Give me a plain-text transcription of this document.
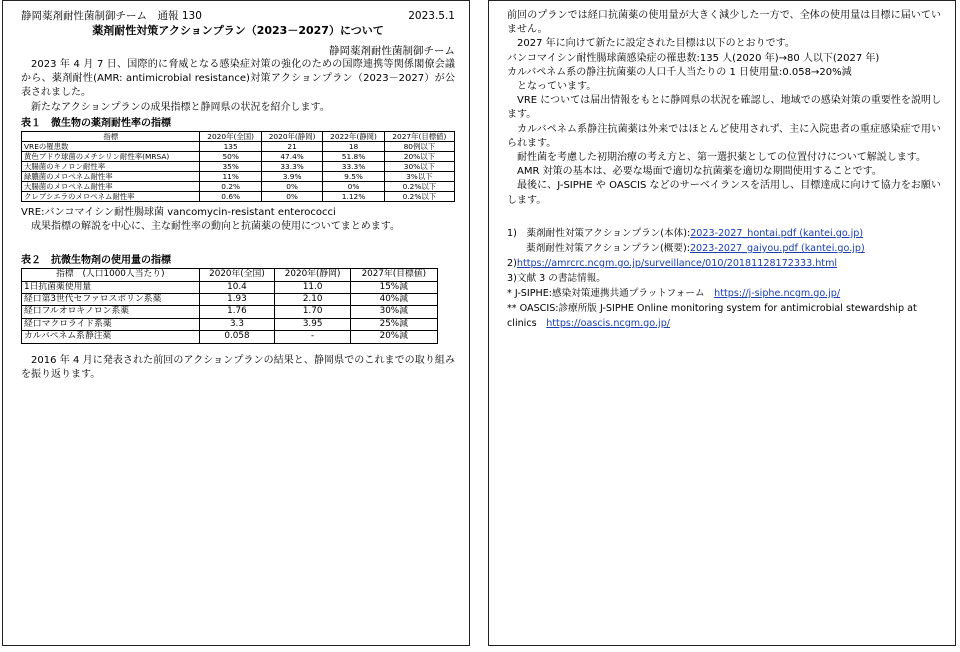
静岡薬剤耐性菌制御チーム　通報 130	2023.5.1
薬剤耐性対策アクションプラン（2023－2027）について
静岡薬剤耐性菌制御チーム

2023 年 4 月 7 日、国際的に脅威となる感染症対策の強化のための国際連携等関係閣僚会議から、薬剤耐性(AMR: antimicrobial resistance)対策アクションプラン（2023－2027）が公表されました。

新たなアクションプランの成果指標と静岡県の状況を紹介します。

表１　微生物の薬剤耐性率の指標
指標	2020年(全国)	2020年(静岡)	2022年(静岡)	2027年(目標値)
VREの罹患数	135	21	18	80例以下
黄色ブドウ球菌のメチシリン耐性率(MRSA)	50%	47.4%	51.8%	20%以下
大腸菌のキノロン耐性率	35%	33.3%	33.3%	30%以下
緑膿菌のメロペネム耐性率	11%	3.9%	9.5%	3%以下
大腸菌のメロペネム耐性率	0.2%	0%	0%	0.2%以下
クレブシエラのメロペネム耐性率	0.6%	0%	1.12%	0.2%以下

VRE:バンコマイシン耐性腸球菌 vancomycin-resistant enterococci

成果指標の解説を中心に、主な耐性率の動向と抗菌薬の使用についてまとめます。

表２　抗微生物剤の使用量の指標
指標　(人口1000人当たり)	2020年(全国)	2020年(静岡)	2027年(目標値)
1日抗菌薬使用量	10.4	11.0	15%減
経口第3世代セファロスポリン系薬	1.93	2.10	40%減
経口フルオロキノロン系薬	1.76	1.70	30%減
経口マクロライド系薬	3.3	3.95	25%減
カルバペネム系静注薬	0.058	-	20%減

2016 年 4 月に発表された前回のアクションプランの結果と、静岡県でのこれまでの取り組みを振り返ります。

前回のプランでは経口抗菌薬の使用量が大きく減少した一方で、全体の使用量は目標に届いていません。

2027 年に向けて新たに設定された目標は以下のとおりです。

バンコマイシン耐性腸球菌感染症の罹患数:135 人(2020 年)→80 人以下(2027 年)

カルバペネム系の静注抗菌薬の人口千人当たりの 1 日使用量:0.058→20%減

となっています。

VRE については届出情報をもとに静岡県の状況を確認し、地域での感染対策の重要性を説明します。

カルバペネム系静注抗菌薬は外来ではほとんど使用されず、主に入院患者の重症感染症で用いられます。

耐性菌を考慮した初期治療の考え方と、第一選択薬としての位置付けについて解説します。

AMR 対策の基本は、必要な場面で適切な抗菌薬を適切な期間使用することです。

最後に、J-SIPHE や OASCIS などのサーベイランスを活用し、目標達成に向けて協力をお願いします。

1)　薬剤耐性対策アクションプラン(本体):2023-2027_hontai.pdf (kantei.go.jp)
　　薬剤耐性対策アクションプラン(概要):2023-2027_gaiyou.pdf (kantei.go.jp)
2)https://amrcrc.ncgm.go.jp/surveillance/010/20181128172333.html
3)文献 3 の書誌情報。
* J-SIPHE:感染対策連携共通プラットフォーム　 https://j-siphe.ncgm.go.jp/
** OASCIS:診療所版 J-SIPHE Online monitoring system for antimicrobial stewardship at clinics　 https://oascis.ncgm.go.jp/
